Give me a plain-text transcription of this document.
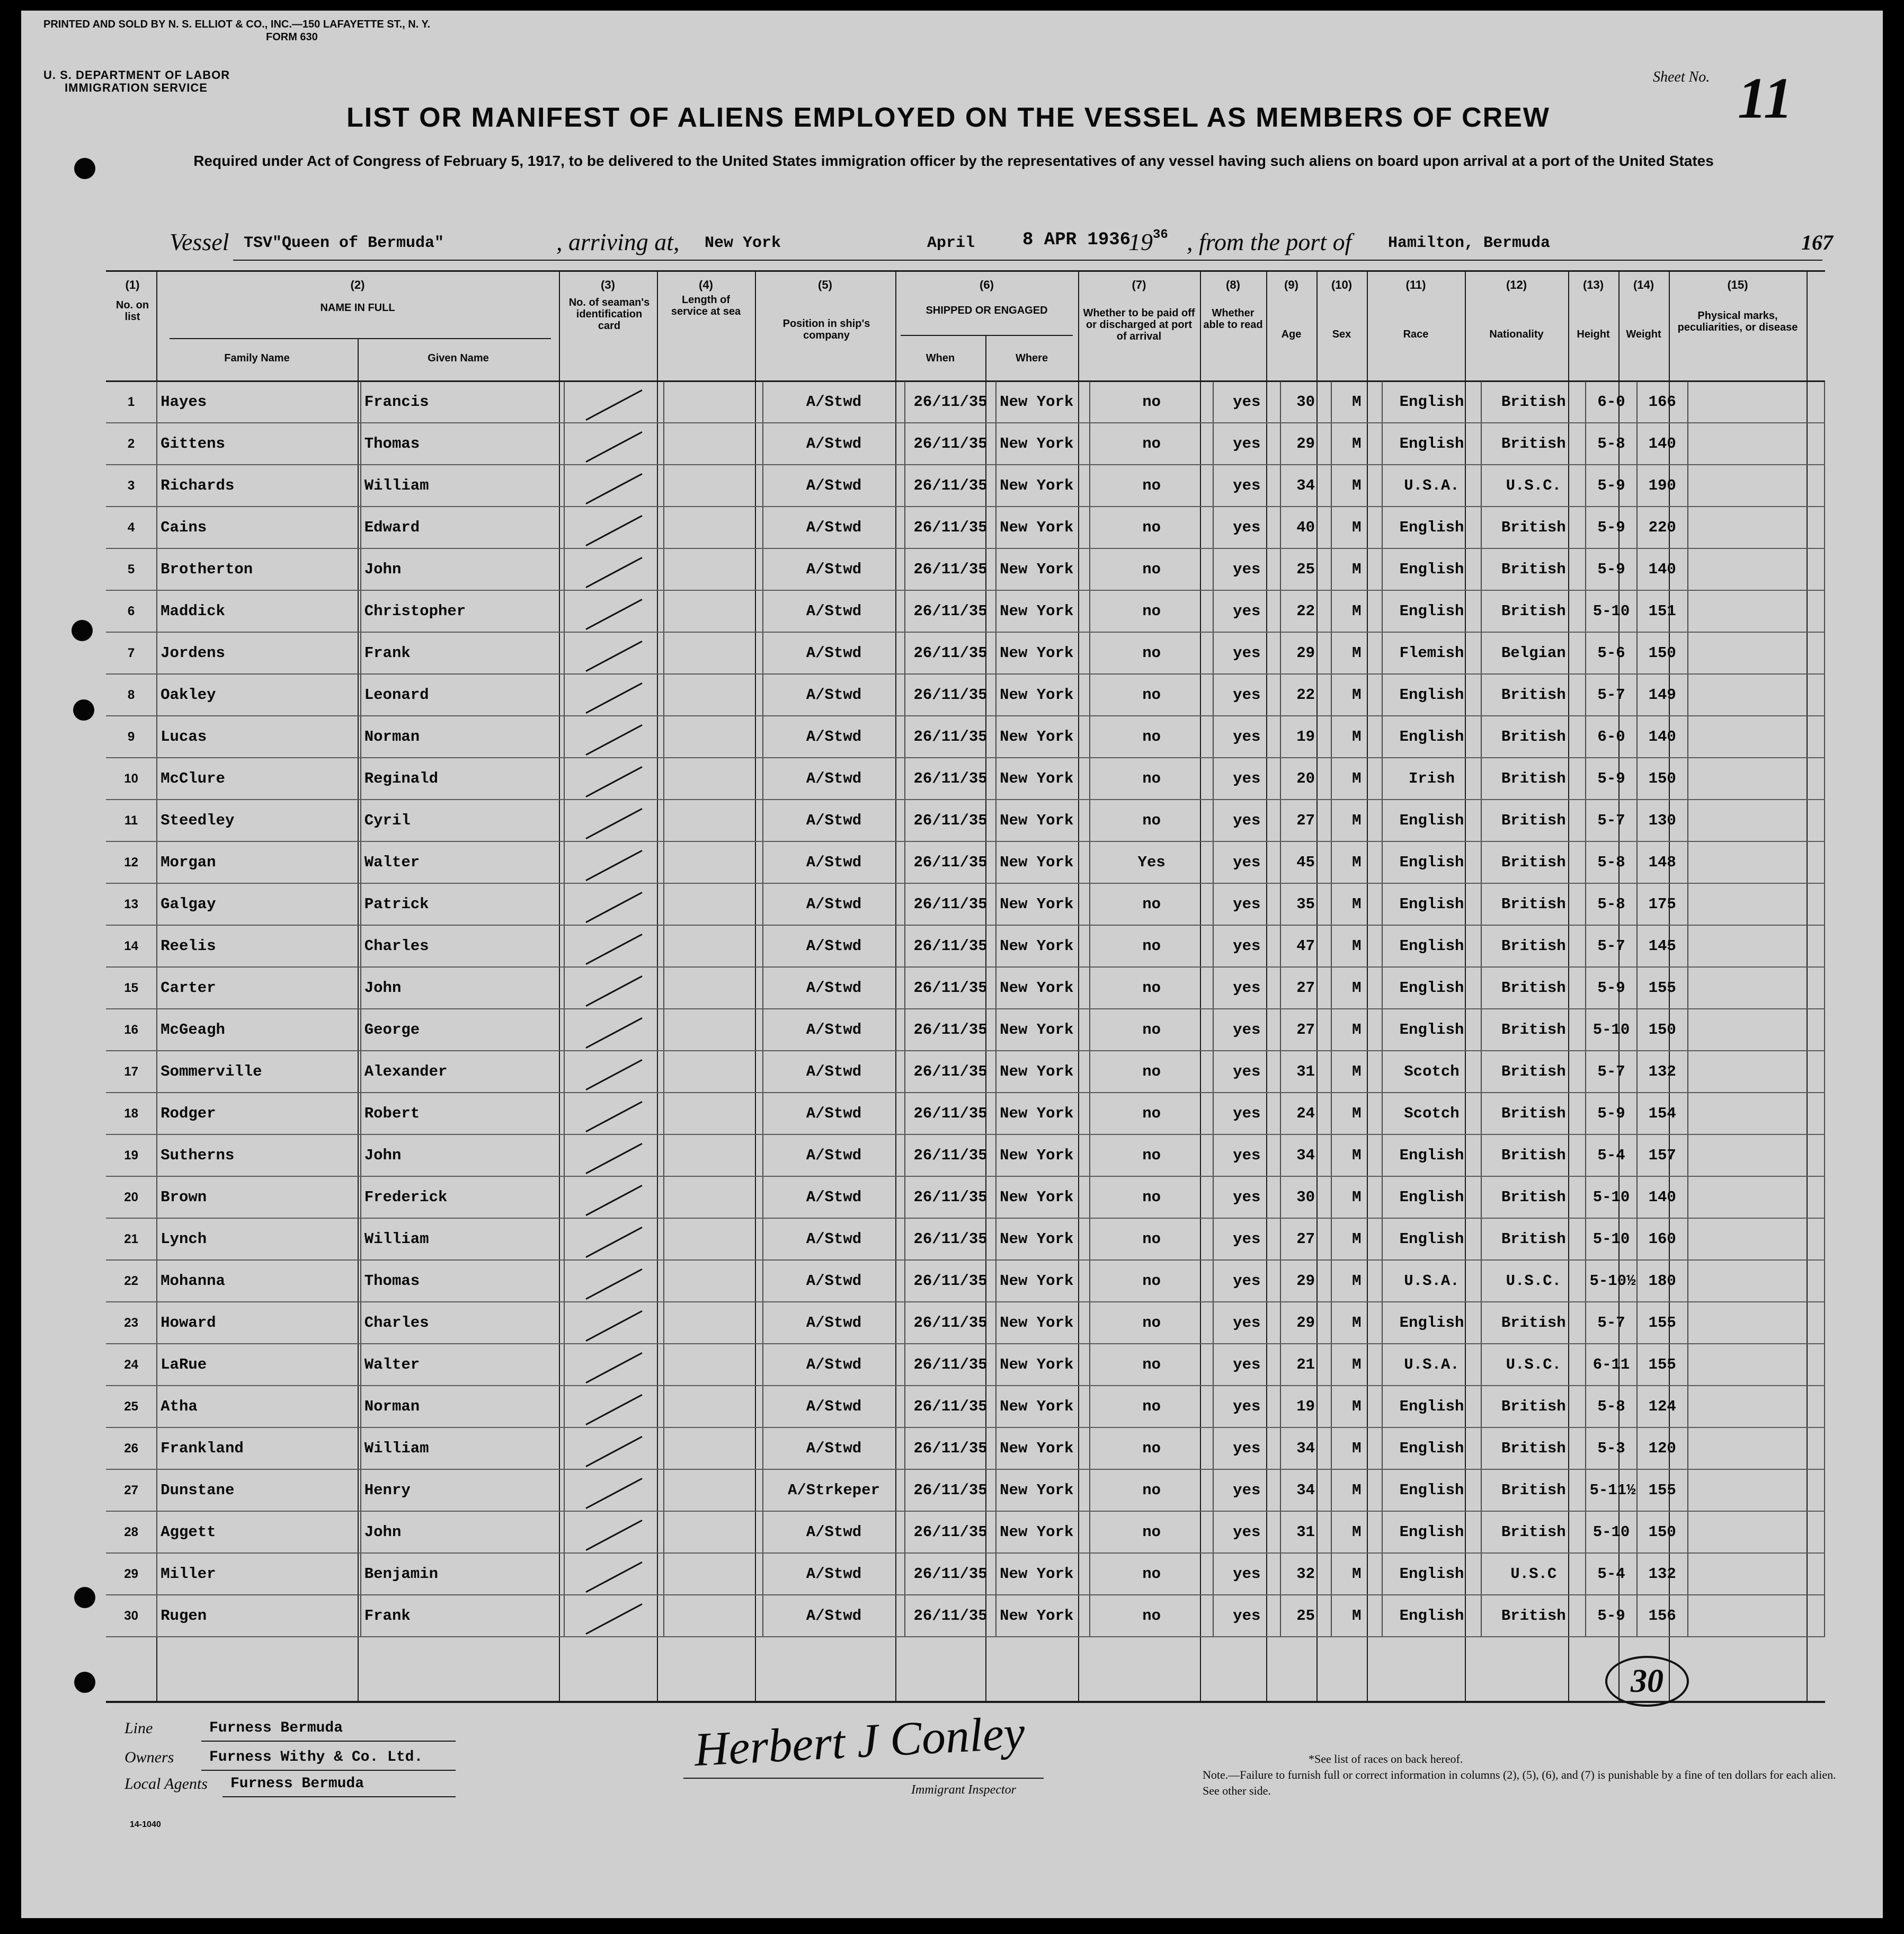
PRINTED AND SOLD BY N. S. ELLIOT & CO., INC.—150 LAFAYETTE ST., N. Y.
FORM 630
U. S. DEPARTMENT OF LABOR
IMMIGRATION SERVICE
Sheet No. 11
LIST OR MANIFEST OF ALIENS EMPLOYED ON THE VESSEL AS MEMBERS OF CREW
Required under Act of Congress of February 5, 1917, to be delivered to the United States immigration officer by the representatives of any vessel having such aliens on board upon arrival at a port of the United States
Vessel TSV"Queen of Bermuda"	, arriving at, New York	April	8 APR 1936
$19^{36}$ , from the port of Hamilton, Bermuda	167
(1)	(2)	(3)	(4)	(5)	(6)	(7)	(8)	(9)	(10)	(11)	(12)	(13)	(14)	(15)
No. on list
NAME IN FULL
Family Name	Given Name
No. of seaman's identification card
Length of service at sea
Position in ship's company
SHIPPED OR ENGAGED
When	Where
Whether to be paid off or discharged at port of arrival
Whether able to read
Age	Sex	Race	Nationality	Height	Weight
Physical marks, peculiarities, or disease
1	Hayes	Francis			A/Stwd	26/11/35	New York	no	yes	30	M	English	British	6-0	166	
2	Gittens	Thomas			A/Stwd	26/11/35	New York	no	yes	29	M	English	British	5-8	140	
3	Richards	William			A/Stwd	26/11/35	New York	no	yes	34	M	U.S.A.	U.S.C.	5-9	190	
4	Cains	Edward			A/Stwd	26/11/35	New York	no	yes	40	M	English	British	5-9	220	
5	Brotherton	John			A/Stwd	26/11/35	New York	no	yes	25	M	English	British	5-9	140	
6	Maddick	Christopher			A/Stwd	26/11/35	New York	no	yes	22	M	English	British	5-10	151	
7	Jordens	Frank			A/Stwd	26/11/35	New York	no	yes	29	M	Flemish	Belgian	5-6	150	
8	Oakley	Leonard			A/Stwd	26/11/35	New York	no	yes	22	M	English	British	5-7	149	
9	Lucas	Norman			A/Stwd	26/11/35	New York	no	yes	19	M	English	British	6-0	140	
10	McClure	Reginald			A/Stwd	26/11/35	New York	no	yes	20	M	Irish	British	5-9	150	
11	Steedley	Cyril			A/Stwd	26/11/35	New York	no	yes	27	M	English	British	5-7	130	
12	Morgan	Walter			A/Stwd	26/11/35	New York	Yes	yes	45	M	English	British	5-8	148	
13	Galgay	Patrick			A/Stwd	26/11/35	New York	no	yes	35	M	English	British	5-8	175	
14	Reelis	Charles			A/Stwd	26/11/35	New York	no	yes	47	M	English	British	5-7	145	
15	Carter	John			A/Stwd	26/11/35	New York	no	yes	27	M	English	British	5-9	155	
16	McGeagh	George			A/Stwd	26/11/35	New York	no	yes	27	M	English	British	5-10	150	
17	Sommerville	Alexander			A/Stwd	26/11/35	New York	no	yes	31	M	Scotch	British	5-7	132	
18	Rodger	Robert			A/Stwd	26/11/35	New York	no	yes	24	M	Scotch	British	5-9	154	
19	Sutherns	John			A/Stwd	26/11/35	New York	no	yes	34	M	English	British	5-4	157	
20	Brown	Frederick			A/Stwd	26/11/35	New York	no	yes	30	M	English	British	5-10	140	
21	Lynch	William			A/Stwd	26/11/35	New York	no	yes	27	M	English	British	5-10	160	
22	Mohanna	Thomas			A/Stwd	26/11/35	New York	no	yes	29	M	U.S.A.	U.S.C.	5-10½	180	
23	Howard	Charles			A/Stwd	26/11/35	New York	no	yes	29	M	English	British	5-7	155	
24	LaRue	Walter			A/Stwd	26/11/35	New York	no	yes	21	M	U.S.A.	U.S.C.	6-11	155	
25	Atha	Norman			A/Stwd	26/11/35	New York	no	yes	19	M	English	British	5-8	124	
26	Frankland	William			A/Stwd	26/11/35	New York	no	yes	34	M	English	British	5-3	120	
27	Dunstane	Henry			A/Strkeper	26/11/35	New York	no	yes	34	M	English	British	5-11½	155	
28	Aggett	John			A/Stwd	26/11/35	New York	no	yes	31	M	English	British	5-10	150	
29	Miller	Benjamin			A/Stwd	26/11/35	New York	no	yes	32	M	English	U.S.C	5-4	132	
30	Rugen	Frank			A/Stwd	26/11/35	New York	no	yes	25	M	English	British	5-9	156	
30
Line	Furness Bermuda
Owners Furness Withy & Co. Ltd.
Local Agents Furness Bermuda
14-1040
Herbert J Conley
Immigrant Inspector
*See list of races on back hereof.
Note.—Failure to furnish full or correct information in columns (2), (5), (6), and (7) is punishable by a fine of ten dollars for each alien. See other side.
